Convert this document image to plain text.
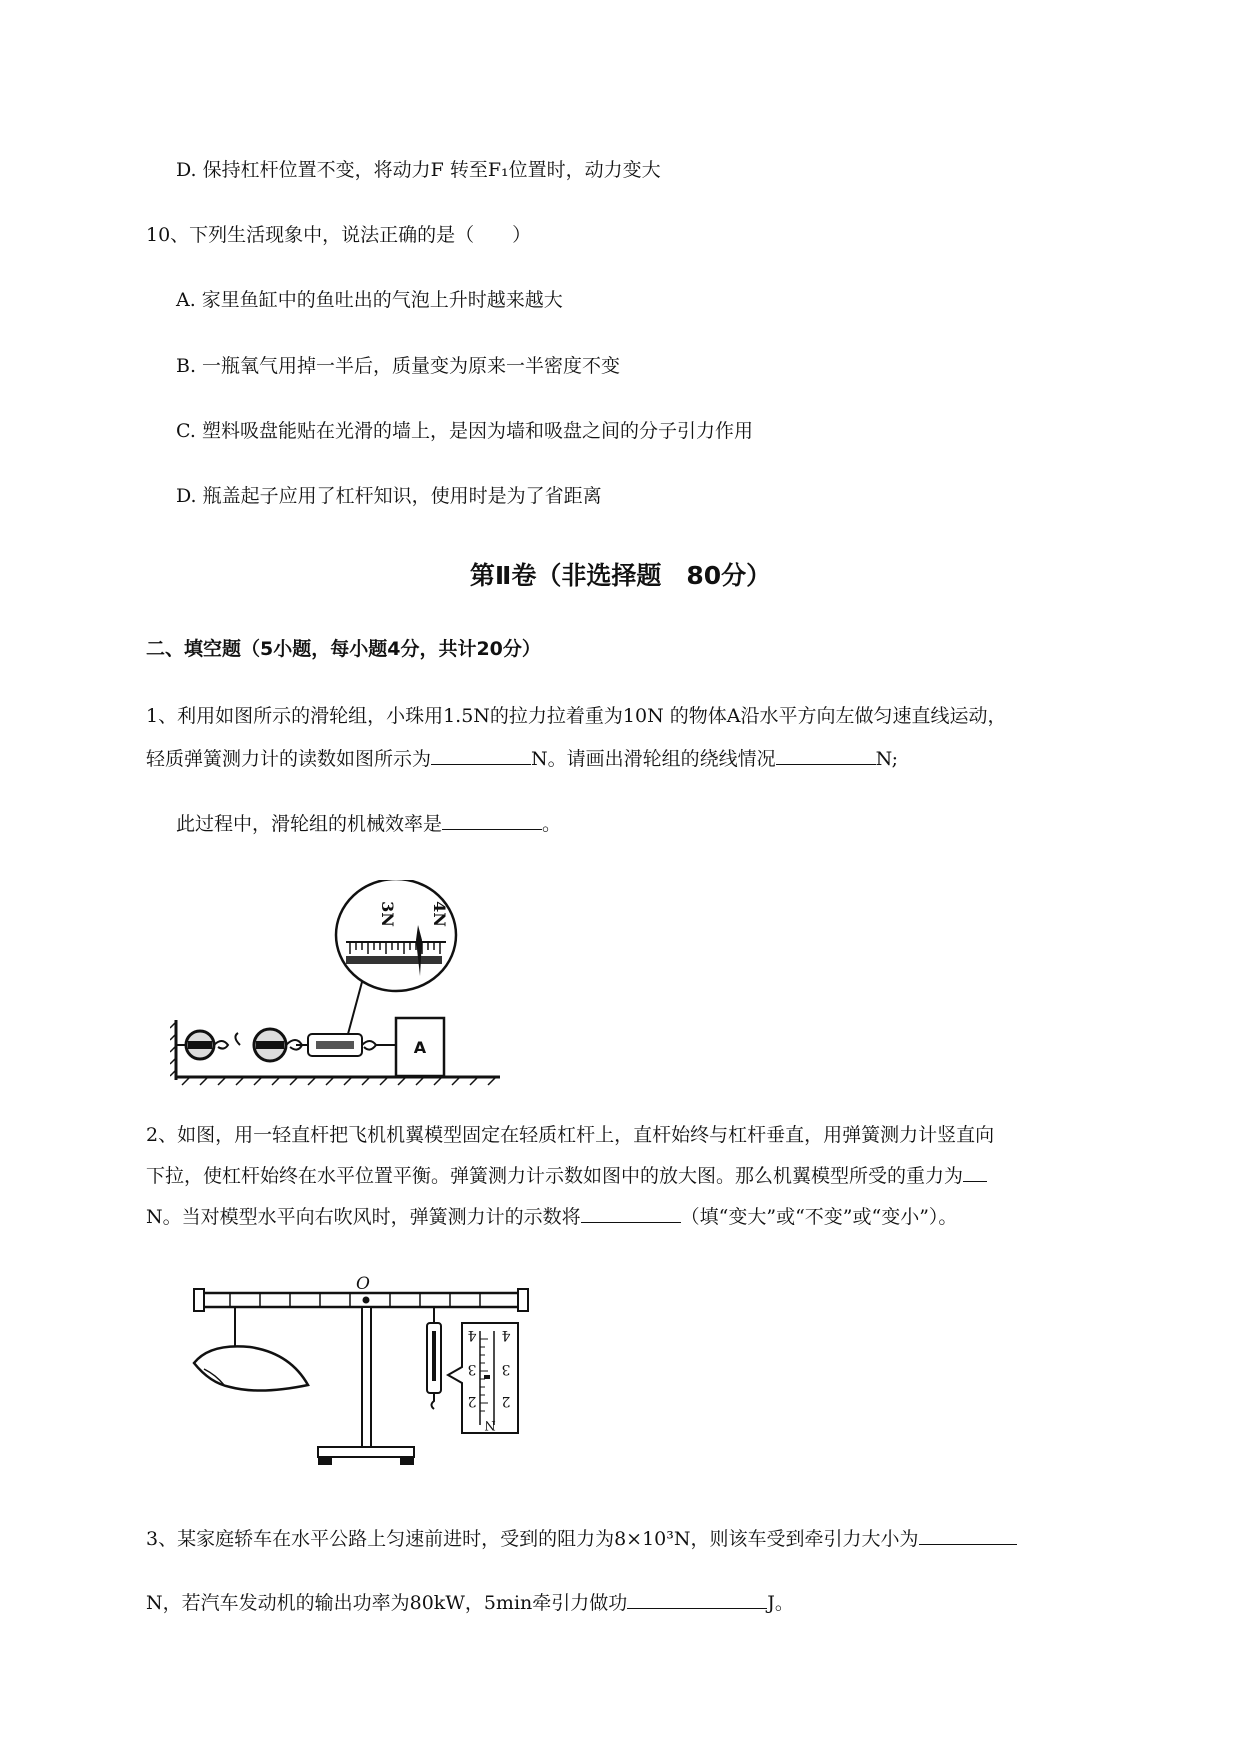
D. 保持杠杆位置不变，将动力F 转至F₁位置时，动力变大
10、下列生活现象中，说法正确的是（　　）
A. 家里鱼缸中的鱼吐出的气泡上升时越来越大
B. 一瓶氧气用掉一半后，质量变为原来一半密度不变
C. 塑料吸盘能贴在光滑的墙上，是因为墙和吸盘之间的分子引力作用
D. 瓶盖起子应用了杠杆知识，使用时是为了省距离
第Ⅱ卷（非选择题　80分）
二、填空题（5小题，每小题4分，共计20分）
1、利用如图所示的滑轮组，小珠用1.5N的拉力拉着重为10N 的物体A沿水平方向左做匀速直线运动，
轻质弹簧测力计的读数如图所示为	N。请画出滑轮组的绕线情况	N;
此过程中，滑轮组的机械效率是	。
A
3N 4N
2、如图，用一轻直杆把飞机机翼模型固定在轻质杠杆上，直杆始终与杠杆垂直，用弹簧测力计竖直向
下拉，使杠杆始终在水平位置平衡。弹簧测力计示数如图中的放大图。那么机翼模型所受的重力为
N。当对模型水平向右吹风时，弹簧测力计的示数将	（填“变大”或“不变”或“变小”）。
O
4 4
3 3
2 2
N
3、某家庭轿车在水平公路上匀速前进时，受到的阻力为8×10³N，则该车受到牵引力大小为
N，若汽车发动机的输出功率为80kW，5min牵引力做功	J。
